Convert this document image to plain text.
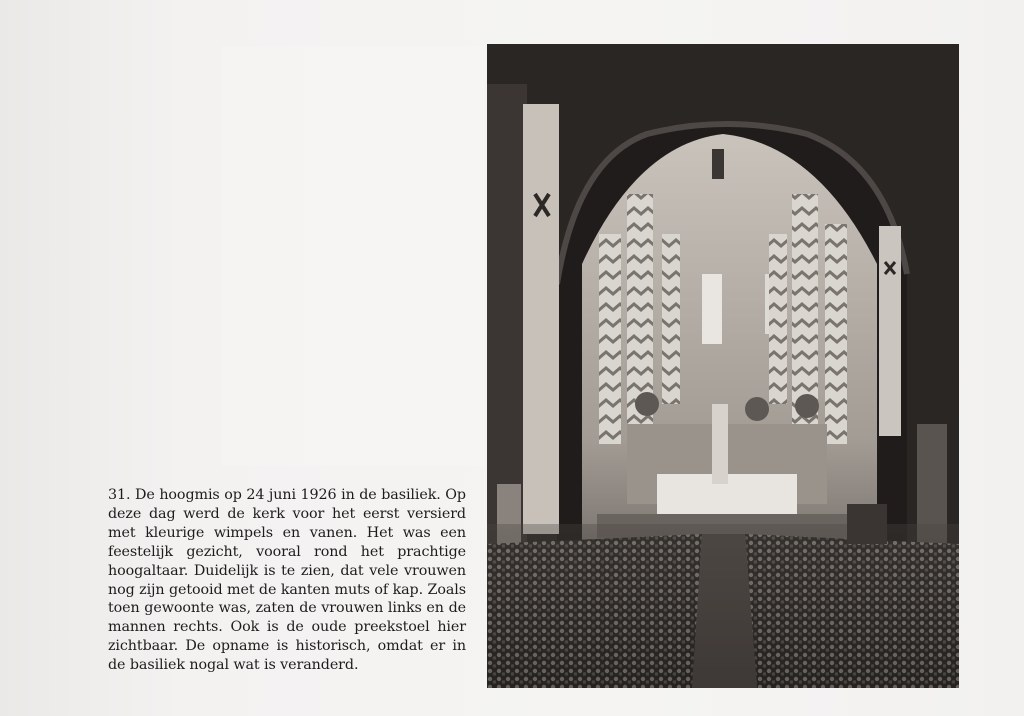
31. De hoogmis op 24 juni 1926 in de basiliek. Op deze dag werd de kerk voor het eerst versierd met kleurige wimpels en vanen. Het was een feestelijk gezicht, vooral rond het prachtige hoogaltaar. Duidelijk is te zien, dat vele vrouwen nog zijn getooid met de kanten muts of kap. Zoals toen gewoonte was, zaten de vrouwen links en de mannen rechts. Ook is de oude preekstoel hier zichtbaar. De opname is historisch, omdat er in de basiliek nogal wat is veranderd.
